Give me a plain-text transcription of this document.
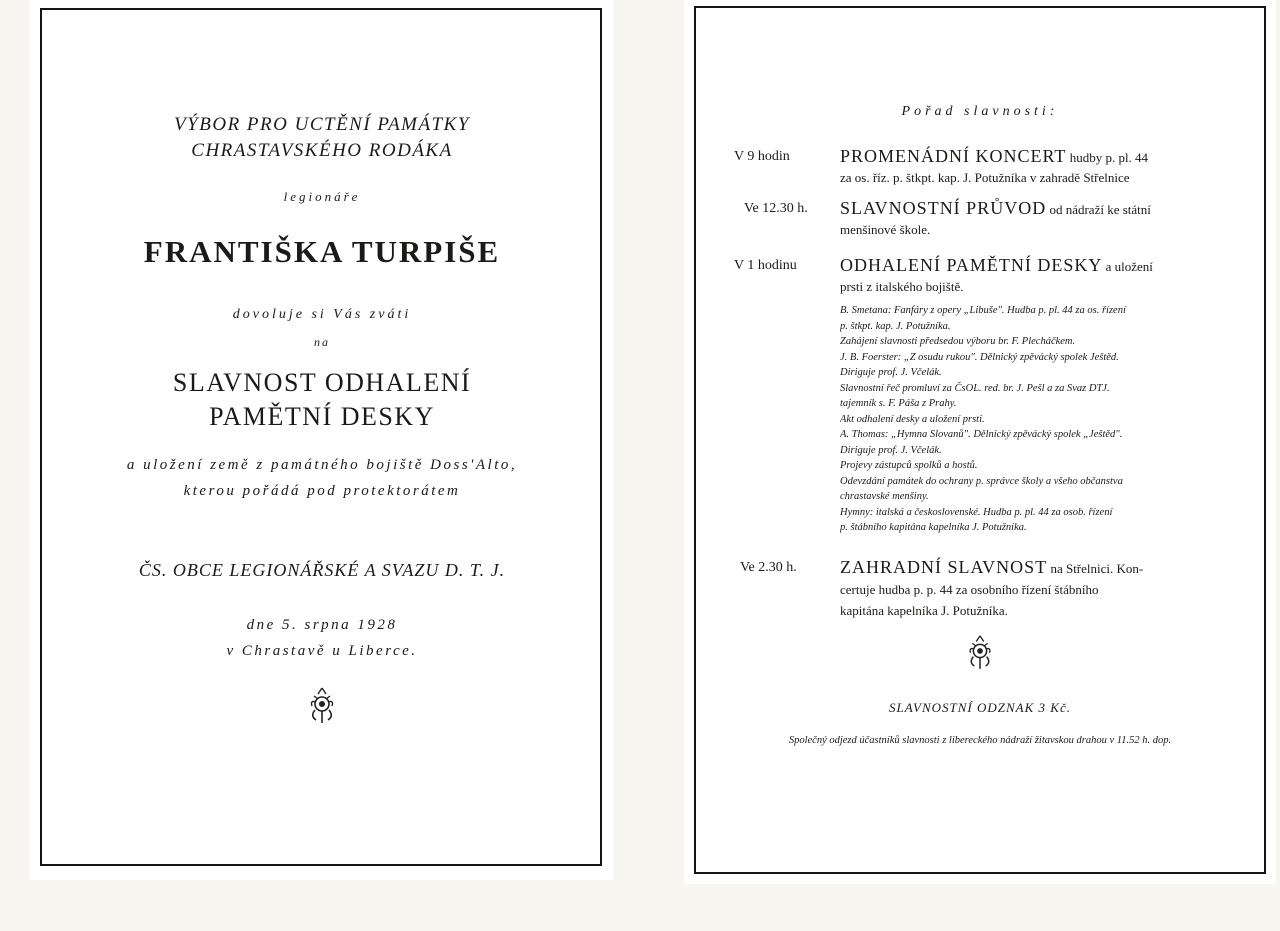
VÝBOR PRO UCTĚNÍ PAMÁTKY
CHRASTAVSKÉHO RODÁKA
legionáře
FRANTIŠKA TURPIŠE
dovoluje si Vás zváti
na
SLAVNOST ODHALENÍ
PAMĚTNÍ DESKY
a uložení země z památného bojiště Doss'Alto,
kterou pořádá pod protektorátem
ČS. OBCE LEGIONÁŘSKÉ A SVAZU D. T. J.
dne 5. srpna 1928
v Chrastavě u Liberce.
Pořad slavnosti:
V 9 hodin	PROMENÁDNÍ KONCERT hudby p. pl. 44
za os. říz. p. štkpt. kap. J. Potužníka v zahradě Střelnice
Ve 12.30 h.	SLAVNOSTNÍ PRŮVOD od nádraží ke státní
menšinové škole.
V 1 hodinu	ODHALENÍ PAMĚTNÍ DESKY a uložení
prsti z italského bojiště.
B. Smetana: Fanfáry z opery „Libuše". Hudba p. pl. 44 za os. řízení
p. štkpt. kap. J. Potužníka.
Zahájení slavnosti předsedou výboru br. F. Plecháčkem.
J. B. Foerster: „Z osudu rukou". Dělnický zpěvácký spolek Ještěd.
Diriguje prof. J. Včelák.
Slavnostní řeč promluví za ČsOL. red. br. J. Pešl a za Svaz DTJ.
tajemník s. F. Páša z Prahy.
Akt odhalení desky a uložení prsti.
A. Thomas: „Hymna Slovanů". Dělnický zpěvácký spolek „Ještěd".
Diriguje prof. J. Včelák.
Projevy zástupců spolků a hostů.
Odevzdání památek do ochrany p. správce školy a všeho občanstva
chrastavské menšiny.
Hymny: italská a československé. Hudba p. pl. 44 za osob. řízení
p. štábního kapitána kapelníka J. Potužníka.
Ve 2.30 h.	ZAHRADNÍ SLAVNOST na Střelnici. Kon-
certuje hudba p. p. 44 za osobního řízení štábního
kapitána kapelníka J. Potužníka.
SLAVNOSTNÍ ODZNAK 3 Kč.
Společný odjezd účastníků slavnosti z libereckého nádraží žitavskou drahou v 11.52 h. dop.
